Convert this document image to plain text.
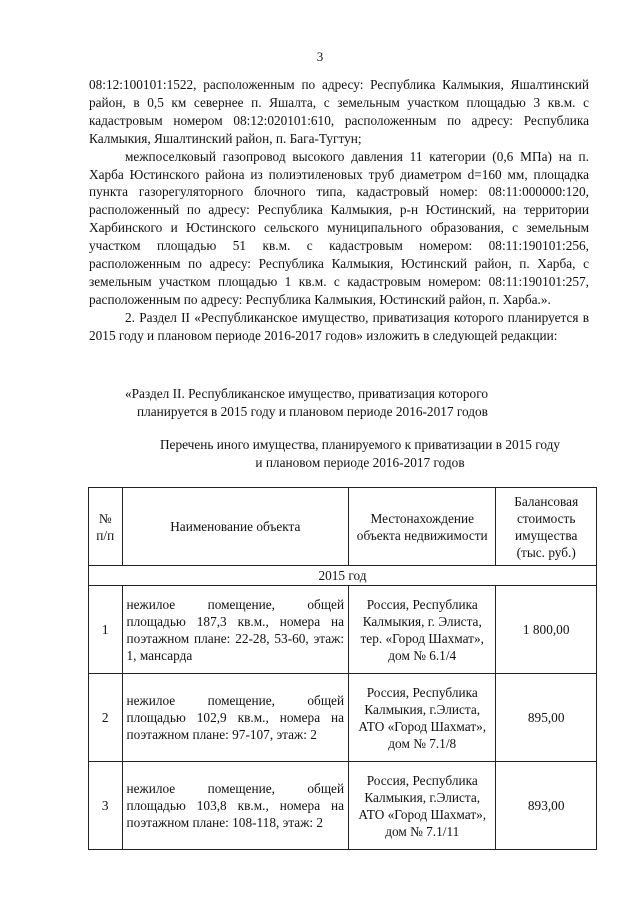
3

08:12:100101:1522, расположенным по адресу: Республика Калмыкия, Яшалтинский район, в 0,5 км севернее п. Яшалта, с земельным участком площадью 3 кв.м. с кадастровым номером 08:12:020101:610, расположенным по адресу: Республика Калмыкия, Яшалтинский район, п. Бага-Тугтун;

межпоселковый газопровод высокого давления 11 категории (0,6 МПа) на п. Харба Юстинского района из полиэтиленовых труб диаметром d=160 мм, площадка пункта газорегуляторного блочного типа, кадастровый номер: 08:11:000000:120, расположенный по адресу: Республика Калмыкия, р-н Юстинский, на территории Харбинского и Юстинского сельского муниципального образования, с земельным участком площадью 51 кв.м. с кадастровым номером: 08:11:190101:256, расположенным по адресу: Республика Калмыкия, Юстинский район, п. Харба, с земельным участком площадью 1 кв.м. с кадастровым номером: 08:11:190101:257, расположенным по адресу: Республика Калмыкия, Юстинский район, п. Харба.».

2. Раздел II «Республиканское имущество, приватизация которого планируется в 2015 году и плановом периоде 2016-2017 годов» изложить в следующей редакции:

«Раздел II. Республиканское имущество, приватизация которого
планируется в 2015 году и плановом периоде 2016-2017 годов
Перечень иного имущества, планируемого к приватизации в 2015 году
и плановом периоде 2016-2017 годов
№ п/п	Наименование объекта	Местонахождение объекта недвижимости	Балансовая стоимость имущества (тыс. руб.)
2015 год			
1	нежилое помещение, общей площадью 187,3 кв.м., номера на поэтажном плане: 22-28, 53-60, этаж: 1, мансарда	Россия, Республика Калмыкия, г. Элиста, тер. «Город Шахмат», дом № 6.1/4	1 800,00
2	нежилое помещение, общей площадью 102,9 кв.м., номера на поэтажном плане: 97-107, этаж: 2	Россия, Республика Калмыкия, г.Элиста, АТО «Город Шахмат», дом № 7.1/8	895,00
3	нежилое помещение, общей площадью 103,8 кв.м., номера на поэтажном плане: 108-118, этаж: 2	Россия, Республика Калмыкия, г.Элиста, АТО «Город Шахмат», дом № 7.1/11	893,00
